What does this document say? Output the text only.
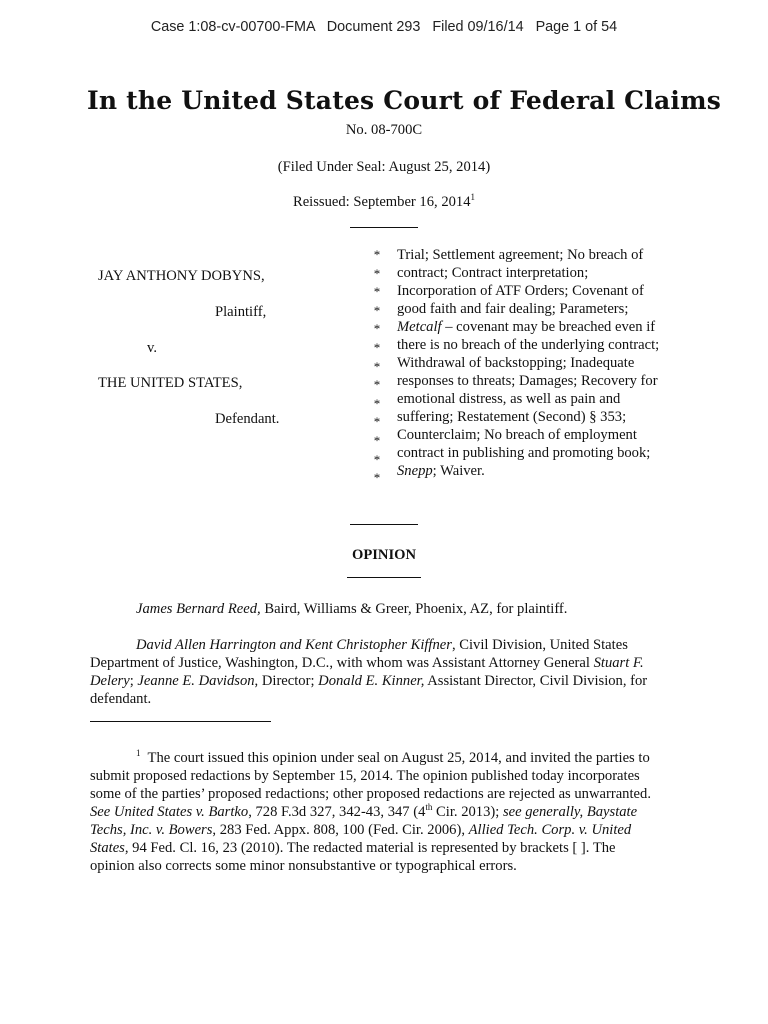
Case 1:08-cv-00700-FMA   Document 293   Filed 09/16/14   Page 1 of 54
In the United States Court of Federal Claims
No. 08-700C
(Filed Under Seal: August 25, 2014)
Reissued: September 16, 2014$^1$
JAY ANTHONY DOBYNS,
Plaintiff,
v.
THE UNITED STATES,
Defendant.
*
*
*
*
*
*
*
*
*
*
*
*
*
Trial; Settlement agreement; No breach of
contract; Contract interpretation;
Incorporation of ATF Orders; Covenant of
good faith and fair dealing; Parameters;
Metcalf – covenant may be breached even if
there is no breach of the underlying contract;
Withdrawal of backstopping; Inadequate
responses to threats; Damages; Recovery for
emotional distress, as well as pain and
suffering; Restatement (Second) § 353;
Counterclaim; No breach of employment
contract in publishing and promoting book;
Snepp; Waiver.
OPINION
James Bernard Reed, Baird, Williams & Greer, Phoenix, AZ, for plaintiff.
David Allen Harrington and Kent Christopher Kiffner, Civil Division, United States
Department of Justice, Washington, D.C., with whom was Assistant Attorney General Stuart F.
Delery; Jeanne E. Davidson, Director; Donald E. Kinner, Assistant Director, Civil Division, for
defendant.
$^1$ The court issued this opinion under seal on August 25, 2014, and invited the parties to
submit proposed redactions by September 15, 2014. The opinion published today incorporates
some of the parties’ proposed redactions; other proposed redactions are rejected as unwarranted.
See United States v. Bartko, 728 F.3d 327, 342-43, 347 (4th Cir. 2013); see generally, Baystate
Techs, Inc. v. Bowers, 283 Fed. Appx. 808, 100 (Fed. Cir. 2006), Allied Tech. Corp. v. United
States, 94 Fed. Cl. 16, 23 (2010). The redacted material is represented by brackets [ ]. The
opinion also corrects some minor nonsubstantive or typographical errors.
